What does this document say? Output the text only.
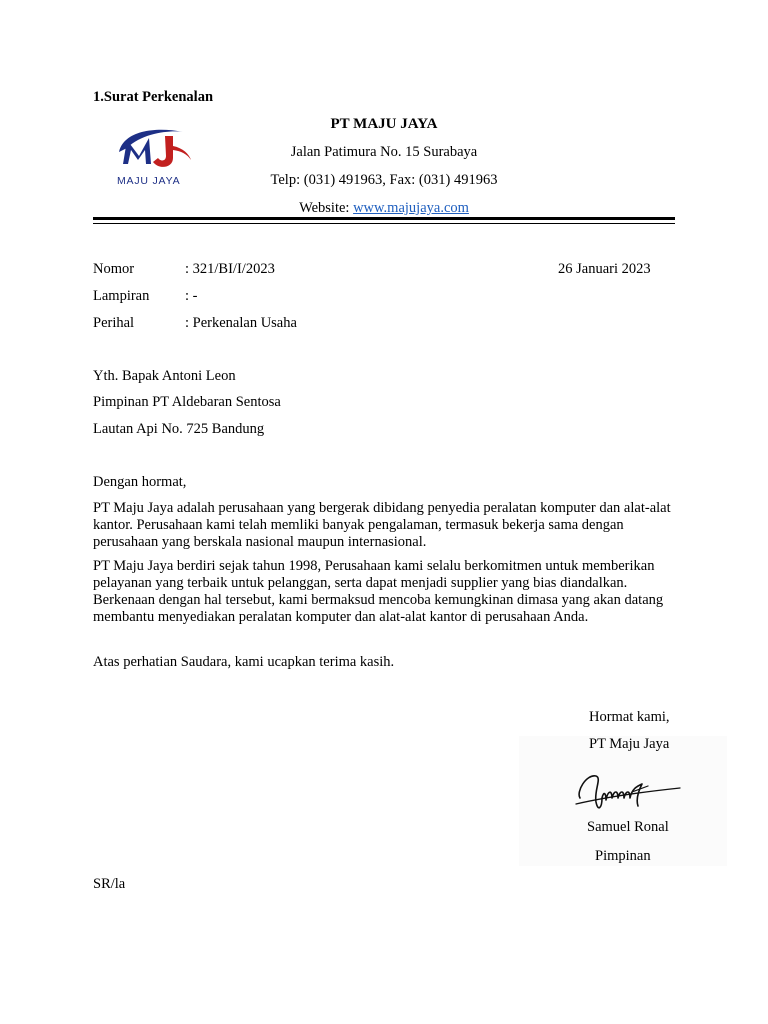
1.Surat Perkenalan
MAJU JAYA
PT MAJU JAYA
Jalan Patimura No. 15 Surabaya
Telp: (031) 491963, Fax: (031) 491963
Website: www.majujaya.com
Nomor	: 321/BI/I/2023	26 Januari 2023
Lampiran : -
Perihal	: Perkenalan Usaha
Yth. Bapak Antoni Leon
Pimpinan PT Aldebaran Sentosa
Lautan Api No. 725 Bandung
Dengan hormat,
PT Maju Jaya adalah perusahaan yang bergerak dibidang penyedia peralatan komputer dan alat-alat kantor. Perusahaan kami telah memliki banyak pengalaman, termasuk bekerja sama dengan perusahaan yang berskala nasional maupun internasional.
PT Maju Jaya berdiri sejak tahun 1998, Perusahaan kami selalu berkomitmen untuk memberikan pelayanan yang terbaik untuk pelanggan, serta dapat menjadi supplier yang bias diandalkan. Berkenaan dengan hal tersebut, kami bermaksud mencoba kemungkinan dimasa yang akan datang membantu menyediakan peralatan komputer dan alat-alat kantor di perusahaan Anda.
Atas perhatian Saudara, kami ucapkan terima kasih.
Hormat kami,
PT Maju Jaya
Samuel Ronal
Pimpinan
SR/la
